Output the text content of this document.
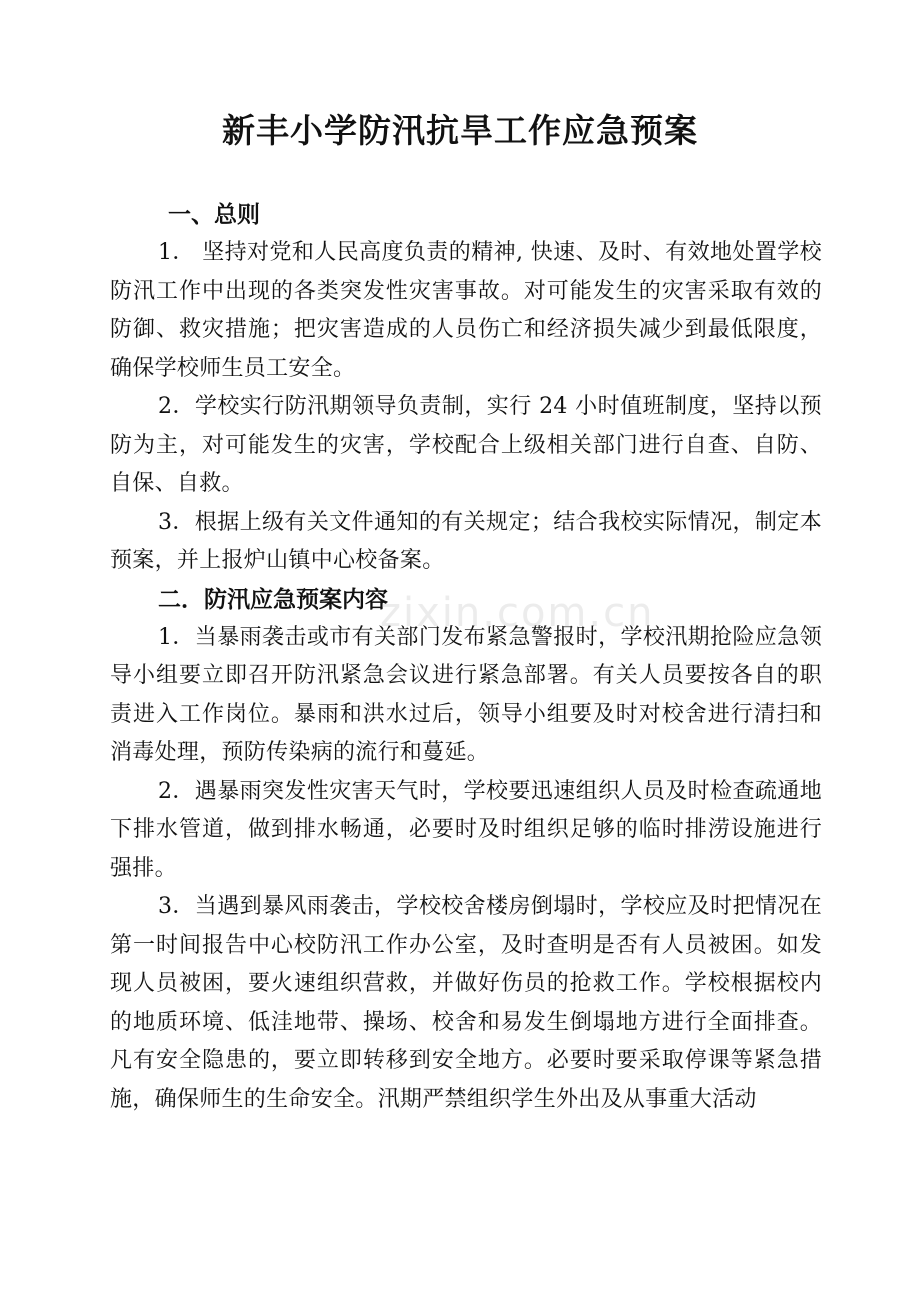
新丰小学防汛抗旱工作应急预案

一、总则

1． 坚持对党和人民高度负责的精神, 快速、及时、有效地处置学校防汛工作中出现的各类突发性灾害事故。对可能发生的灾害采取有效的防御、救灾措施；把灾害造成的人员伤亡和经济损失减少到最低限度，确保学校师生员工安全。

2．学校实行防汛期领导负责制，实行 24 小时值班制度，坚持以预防为主，对可能发生的灾害，学校配合上级相关部门进行自查、自防、自保、自救。

3．根据上级有关文件通知的有关规定；结合我校实际情况，制定本预案，并上报炉山镇中心校备案。

二．防汛应急预案内容

1．当暴雨袭击或市有关部门发布紧急警报时，学校汛期抢险应急领导小组要立即召开防汛紧急会议进行紧急部署。有关人员要按各自的职责进入工作岗位。暴雨和洪水过后，领导小组要及时对校舍进行清扫和消毒处理，预防传染病的流行和蔓延。

2．遇暴雨突发性灾害天气时，学校要迅速组织人员及时检查疏通地下排水管道，做到排水畅通，必要时及时组织足够的临时排涝设施进行强排。

3．当遇到暴风雨袭击，学校校舍楼房倒塌时，学校应及时把情况在第一时间报告中心校防汛工作办公室，及时查明是否有人员被困。如发现人员被困，要火速组织营救，并做好伤员的抢救工作。学校根据校内的地质环境、低洼地带、操场、校舍和易发生倒塌地方进行全面排查。凡有安全隐患的，要立即转移到安全地方。必要时要采取停课等紧急措施，确保师生的生命安全。汛期严禁组织学生外出及从事重大活动

zixin.com.cn
